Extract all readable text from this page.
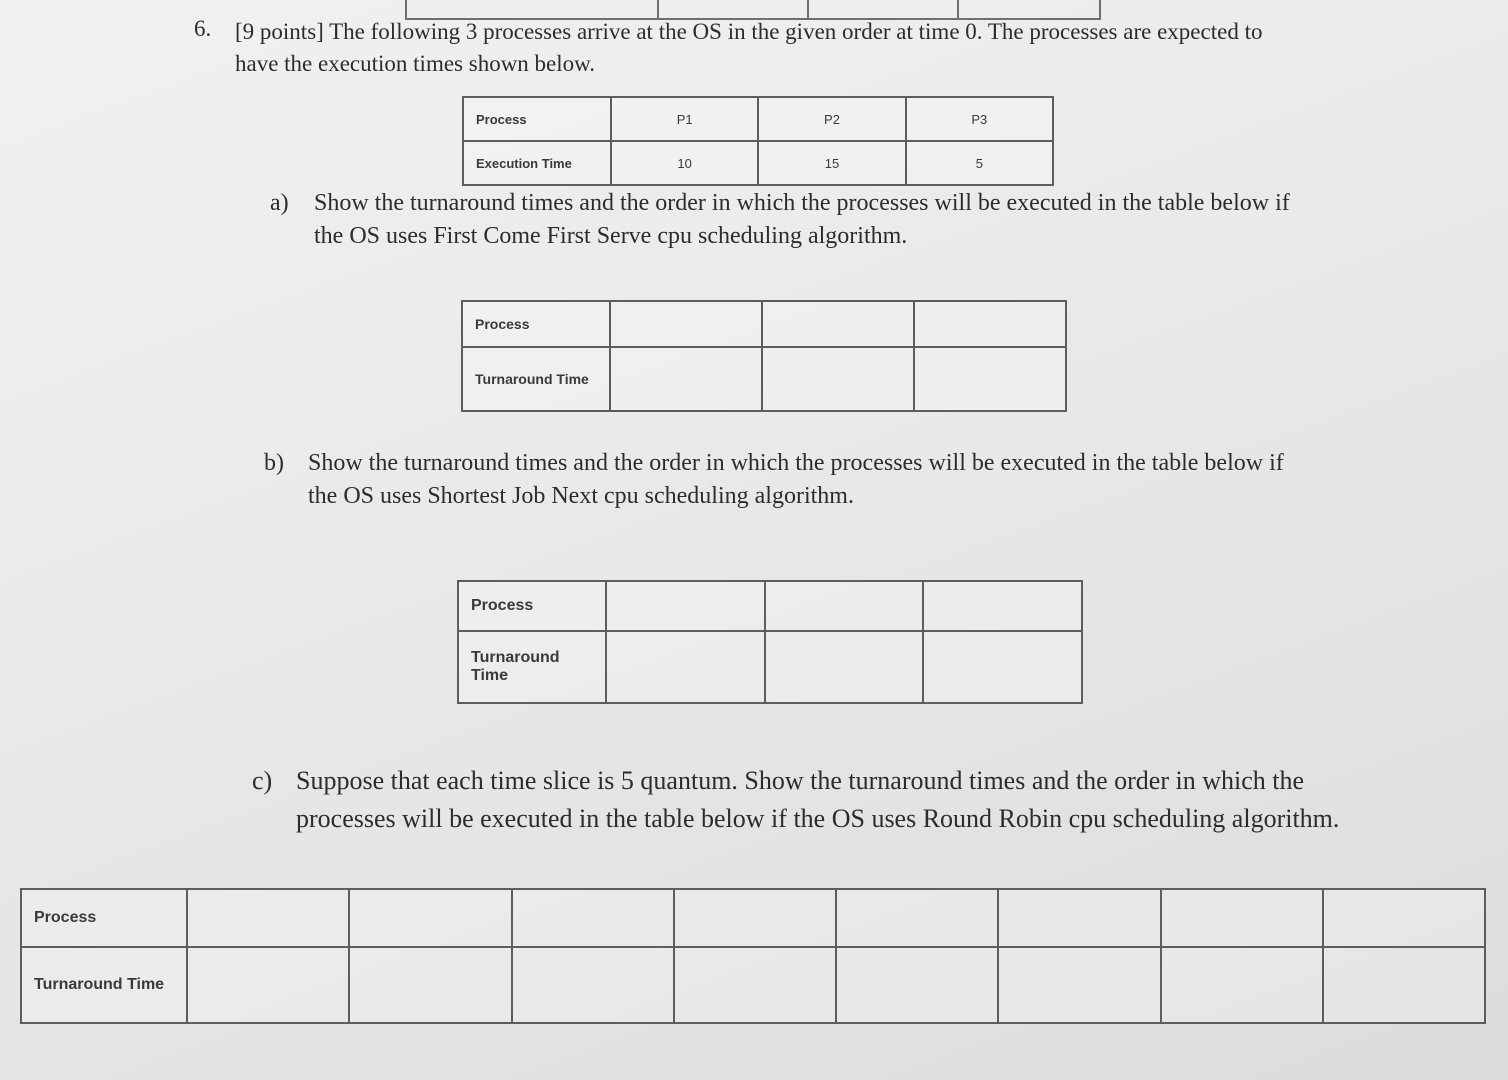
6. [9 points] The following 3 processes arrive at the OS in the given order at time 0. The processes are expected to have the execution times shown below.
Process	P1	P2	P3
Execution Time	10	15	5
a) Show the turnaround times and the order in which the processes will be executed in the table below if the OS uses First Come First Serve cpu scheduling algorithm.
Process			
Turnaround Time			
b) Show the turnaround times and the order in which the processes will be executed in the table below if the OS uses Shortest Job Next cpu scheduling algorithm.
Process			
Turnaround Time			
c) Suppose that each time slice is 5 quantum. Show the turnaround times and the order in which the processes will be executed in the table below if the OS uses Round Robin cpu scheduling algorithm.
Process								
Turnaround Time								
